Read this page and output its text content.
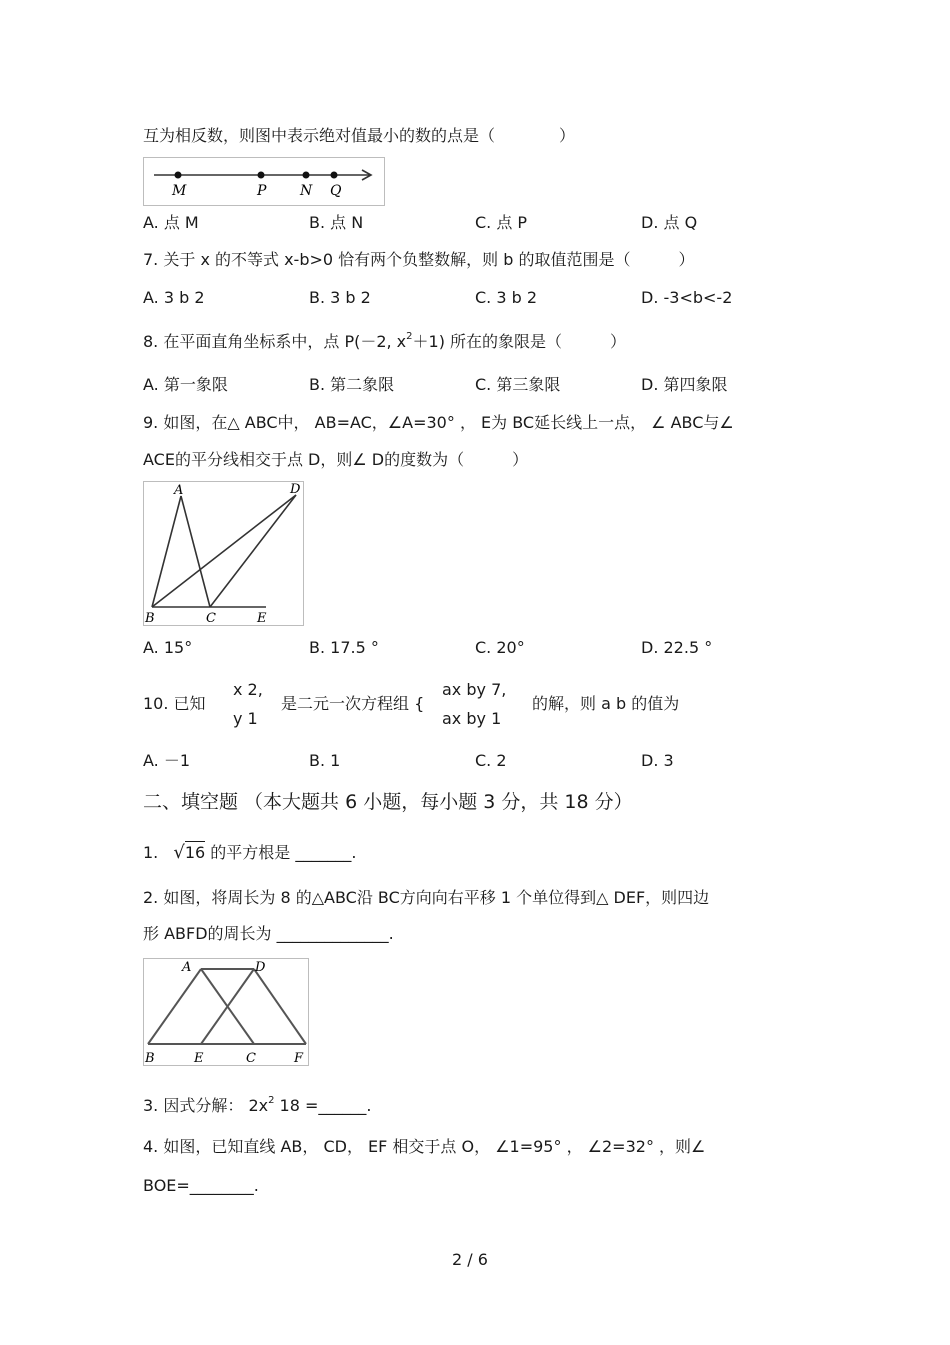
互为相反数，则图中表示绝对值最小的数的点是（　　　　）
M	P N Q
A. 点 M	B. 点 N	C. 点 P	D. 点 Q
7. 关于 x 的不等式 x-b>0 恰有两个负整数解，则 b 的取值范围是（　　　）
A. 3 b 2	B. 3 b 2	C. 3 b 2	D. -3<b<-2
8. 在平面直角坐标系中，点 P(－2, $x^2+1$) 所在的象限是（　　　）
A. 第一象限	B. 第二象限	C. 第三象限	D. 第四象限
9. 如图，在△ ABC中， AB=AC，∠A=30° ， E为 BC延长线上一点， ∠ ABC与∠
ACE的平分线相交于点 D，则∠ D的度数为（　　　）
A	D
B	C	E
A. 15°	B. 17.5 °	C. 20°	D. 22.5 °
10. 已知
x 2,
y 1
是二元一次方程组 {
ax by 7,
ax by 1
的解，则 a b 的值为
A. －1	B. 1	C. 2	D. 3
二、填空题 （本大题共 6 小题，每小题 3 分，共 18 分）
1. √16 的平方根是 _______.
2. 如图，将周长为 8 的△ABC沿 BC方向向右平移 1 个单位得到△ DEF，则四边
形 ABFD的周长为 ______________.
A	D
B	E	C	F
3. 因式分解： $2x^2$ 18 =______.
4. 如图，已知直线 AB， CD， EF 相交于点 O， ∠1=95° ， ∠2=32° ，则∠
BOE=________.
2 / 6
